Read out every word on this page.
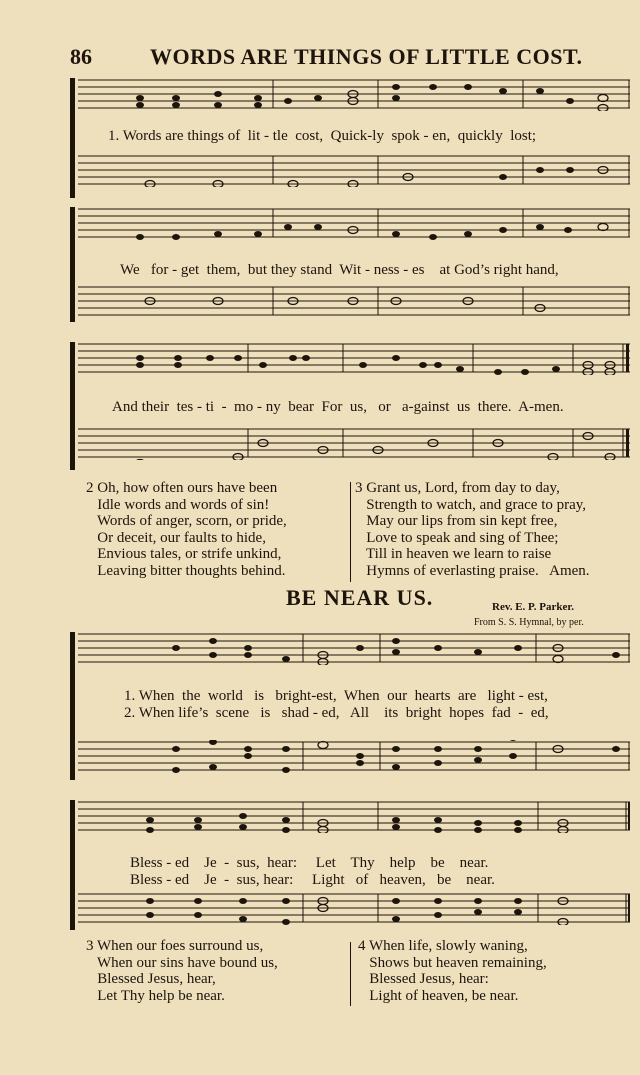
86	WORDS ARE THINGS OF LITTLE COST.
1. Words are things of  lit - tle  cost,  Quick-ly  spok - en,  quickly  lost;
We   for - get  them,  but they stand  Wit - ness - es    at God’s right hand,
And their  tes - ti  -  mo - ny  bear  For  us,   or   a-gainst  us  there.  A-men.
2 Oh, how often ours have been
Idle words and words of sin!
Words of anger, scorn, or pride,
Or deceit, our faults to hide,
Envious tales, or strife unkind,
Leaving bitter thoughts behind.
3 Grant us, Lord, from day to day,
Strength to watch, and grace to pray,
May our lips from sin kept free,
Love to speak and sing of Thee;
Till in heaven we learn to raise
Hymns of everlasting praise.   Amen.
BE NEAR US.	Rev. E. P. Parker.
From S. S. Hymnal, by per.
1. When  the  world   is   bright-est,  When  our  hearts  are   light - est,
2. When life’s  scene   is   shad - ed,   All    its  bright  hopes  fad  -  ed,
Bless - ed    Je  -  sus,  hear:     Let    Thy    help    be    near.
Bless - ed    Je  -  sus, hear:     Light   of   heaven,   be    near.
3 When our foes surround us,
When our sins have bound us,
Blessed Jesus, hear,
Let Thy help be near.
4 When life, slowly waning,
Shows but heaven remaining,
Blessed Jesus, hear:
Light of heaven, be near.
